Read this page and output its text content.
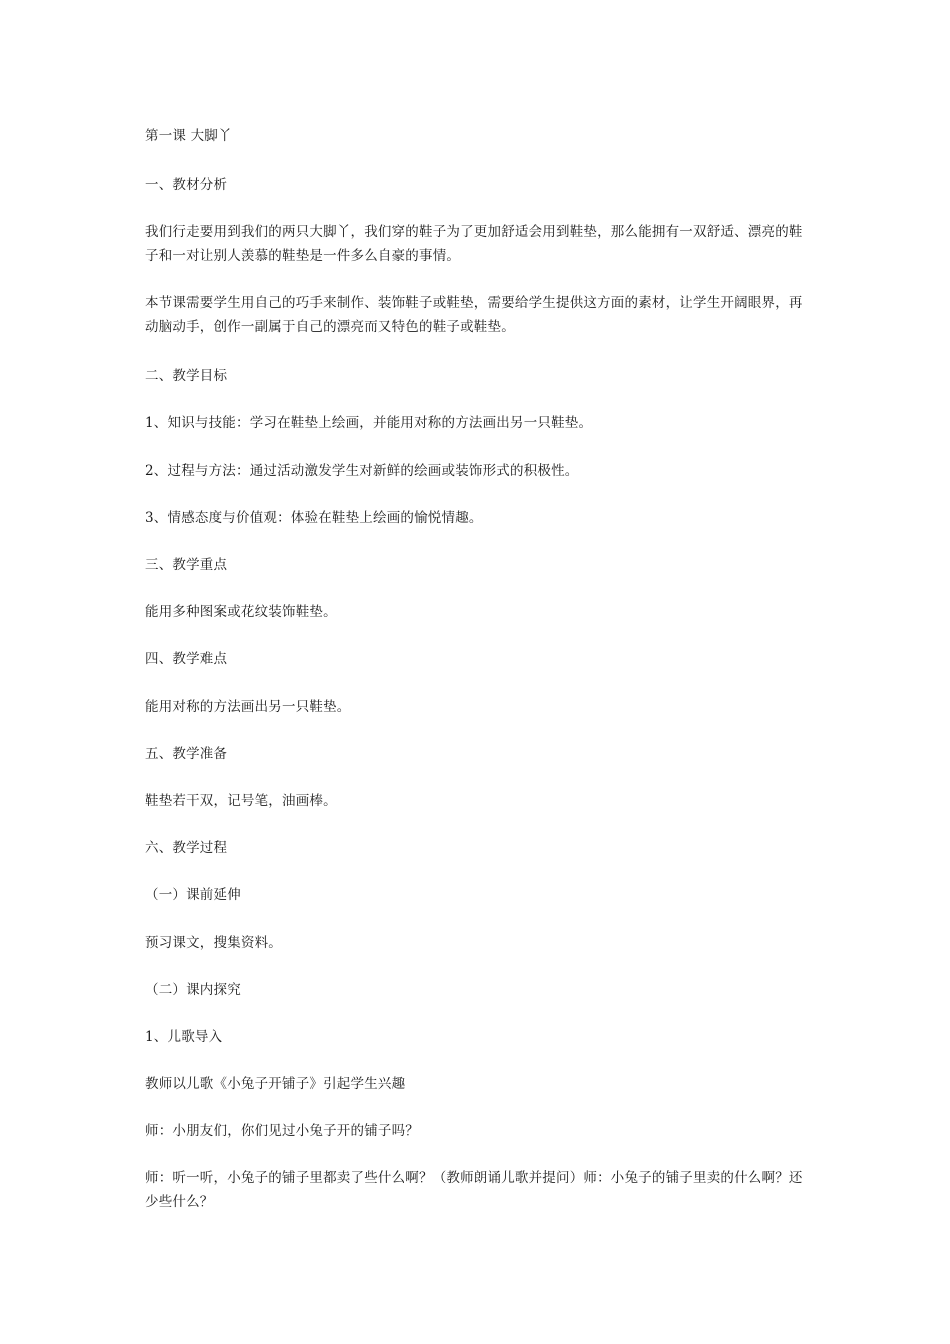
第一课 大脚丫

一、教材分析

我们行走要用到我们的两只大脚丫，我们穿的鞋子为了更加舒适会用到鞋垫，那么能拥有一双舒适、漂亮的鞋子和一对让别人羡慕的鞋垫是一件多么自豪的事情。

本节课需要学生用自己的巧手来制作、装饰鞋子或鞋垫，需要给学生提供这方面的素材，让学生开阔眼界，再动脑动手，创作一副属于自己的漂亮而又特色的鞋子或鞋垫。

二、教学目标

1、知识与技能：学习在鞋垫上绘画，并能用对称的方法画出另一只鞋垫。

2、过程与方法：通过活动激发学生对新鲜的绘画或装饰形式的积极性。

3、情感态度与价值观：体验在鞋垫上绘画的愉悦情趣。

三、教学重点

能用多种图案或花纹装饰鞋垫。

四、教学难点

能用对称的方法画出另一只鞋垫。

五、教学准备

鞋垫若干双，记号笔，油画棒。

六、教学过程

（一）课前延伸

预习课文，搜集资料。

（二）课内探究

1、儿歌导入

教师以儿歌《小兔子开铺子》引起学生兴趣

师：小朋友们，你们见过小兔子开的铺子吗？

师：听一听，小兔子的铺子里都卖了些什么啊？（教师朗诵儿歌并提问）师：小兔子的铺子里卖的什么啊？还少些什么？
